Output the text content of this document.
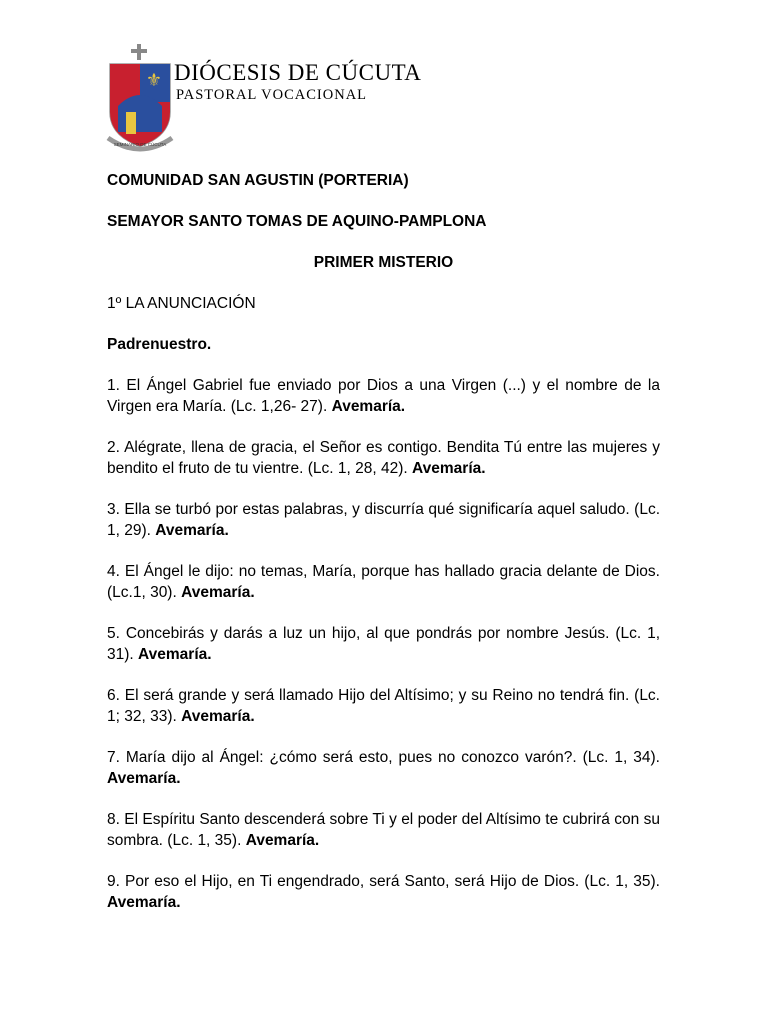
⚜
SEMINARIO DE CÚCUTA
DIÓCESIS DE CÚCUTA
PASTORAL VOCACIONAL

COMUNIDAD SAN AGUSTIN (PORTERIA)

SEMAYOR SANTO TOMAS DE AQUINO-PAMPLONA

PRIMER MISTERIO

1º LA ANUNCIACIÓN

Padrenuestro.

1. El Ángel Gabriel fue enviado por Dios a una Virgen (...) y el nombre de la Virgen era María. (Lc. 1,26- 27). Avemaría.

2. Alégrate, llena de gracia, el Señor es contigo. Bendita Tú entre las mujeres y bendito el fruto de tu vientre. (Lc. 1, 28, 42). Avemaría.

3. Ella se turbó por estas palabras, y discurría qué significaría aquel saludo. (Lc. 1, 29). Avemaría.

4. El Ángel le dijo: no temas, María, porque has hallado gracia delante de Dios. (Lc.1, 30). Avemaría.

5. Concebirás y darás a luz un hijo, al que pondrás por nombre Jesús. (Lc. 1, 31). Avemaría.

6. El será grande y será llamado Hijo del Altísimo; y su Reino no tendrá fin. (Lc. 1; 32, 33). Avemaría.

7. María dijo al Ángel: ¿cómo será esto, pues no conozco varón?. (Lc. 1, 34). Avemaría.

8. El Espíritu Santo descenderá sobre Ti y el poder del Altísimo te cubrirá con su sombra. (Lc. 1, 35). Avemaría.

9. Por eso el Hijo, en Ti engendrado, será Santo, será Hijo de Dios. (Lc. 1, 35). Avemaría.
